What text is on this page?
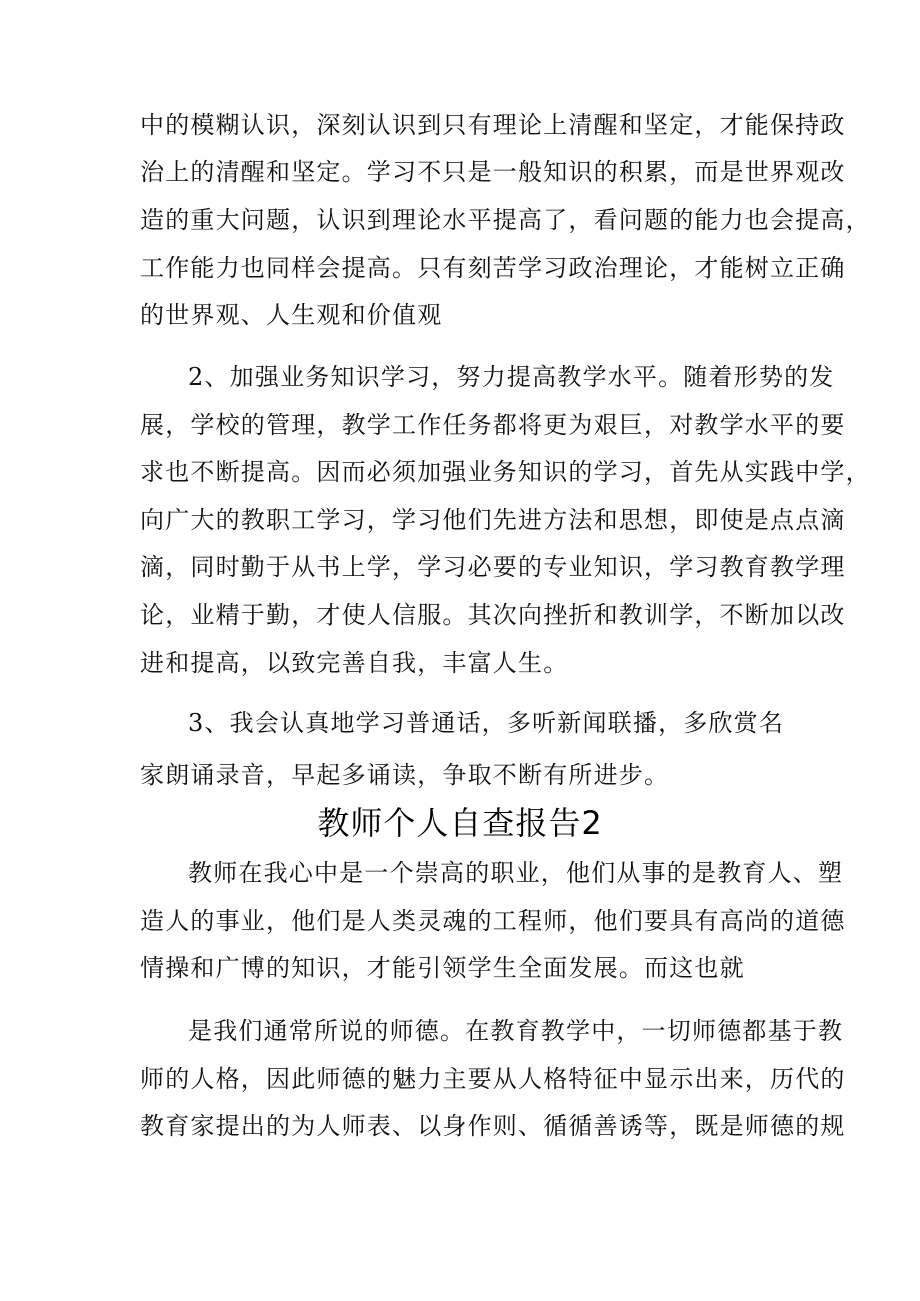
中的模糊认识，深刻认识到只有理论上清醒和坚定，才能保持政
治上的清醒和坚定。学习不只是一般知识的积累，而是世界观改
造的重大问题，认识到理论水平提高了，看问题的能力也会提高，
工作能力也同样会提高。只有刻苦学习政治理论，才能树立正确
的世界观、人生观和价值观
2、加强业务知识学习，努力提高教学水平。随着形势的发
展，学校的管理，教学工作任务都将更为艰巨，对教学水平的要
求也不断提高。因而必须加强业务知识的学习，首先从实践中学，
向广大的教职工学习，学习他们先进方法和思想，即使是点点滴
滴，同时勤于从书上学，学习必要的专业知识，学习教育教学理
论，业精于勤，才使人信服。其次向挫折和教训学，不断加以改
进和提高，以致完善自我，丰富人生。
3、我会认真地学习普通话，多听新闻联播，多欣赏名
家朗诵录音，早起多诵读，争取不断有所进步。
教师个人自查报告2
教师在我心中是一个崇高的职业，他们从事的是教育人、塑
造人的事业，他们是人类灵魂的工程师，他们要具有高尚的道德
情操和广博的知识，才能引领学生全面发展。而这也就
是我们通常所说的师德。在教育教学中，一切师德都基于教
师的人格，因此师德的魅力主要从人格特征中显示出来，历代的
教育家提出的为人师表、以身作则、循循善诱等，既是师德的规
